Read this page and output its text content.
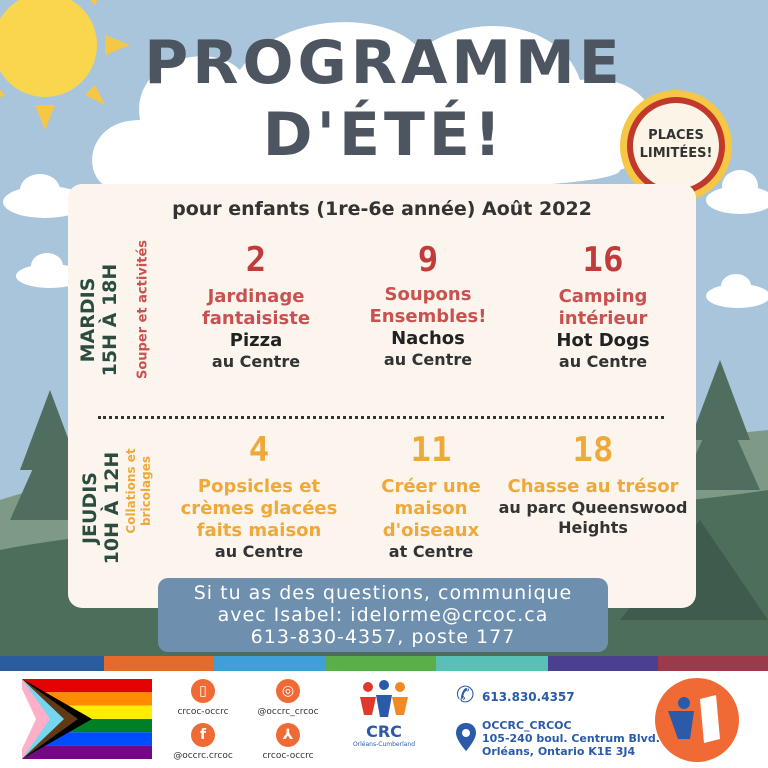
PROGRAMME
D'ÉTÉ!	PLACES
LIMITÉES!
pour enfants (1re-6e année) Août 2022
MARDIS 15H À 18H Souper et activités	2
Jardinage fantaisiste
Pizza
au Centre
9
Soupons Ensembles!
Nachos
au Centre
16
Camping intérieur
Hot Dogs
au Centre
JEUDIS 10H À 12H Collations et bricolages
4
Popsicles et crèmes glacées faits maison
au Centre
11
Créer une maison d'oiseaux
at Centre
18
Chasse au trésor
au parc Queenswood Heights
Si tu as des questions, communique
avec Isabel: idelorme@crcoc.ca
613-830-4357, poste 177
▯
crcoc-occrc
◎
@occrc_crcoc
f
@occrc.crcoc
⅄
crcoc-occrc
CRC
Orléans-Cumberland
✆ 613.830.4357
OCCRC_CRCOC
105-240 boul. Centrum Blvd.
Orléans, Ontario K1E 3J4
